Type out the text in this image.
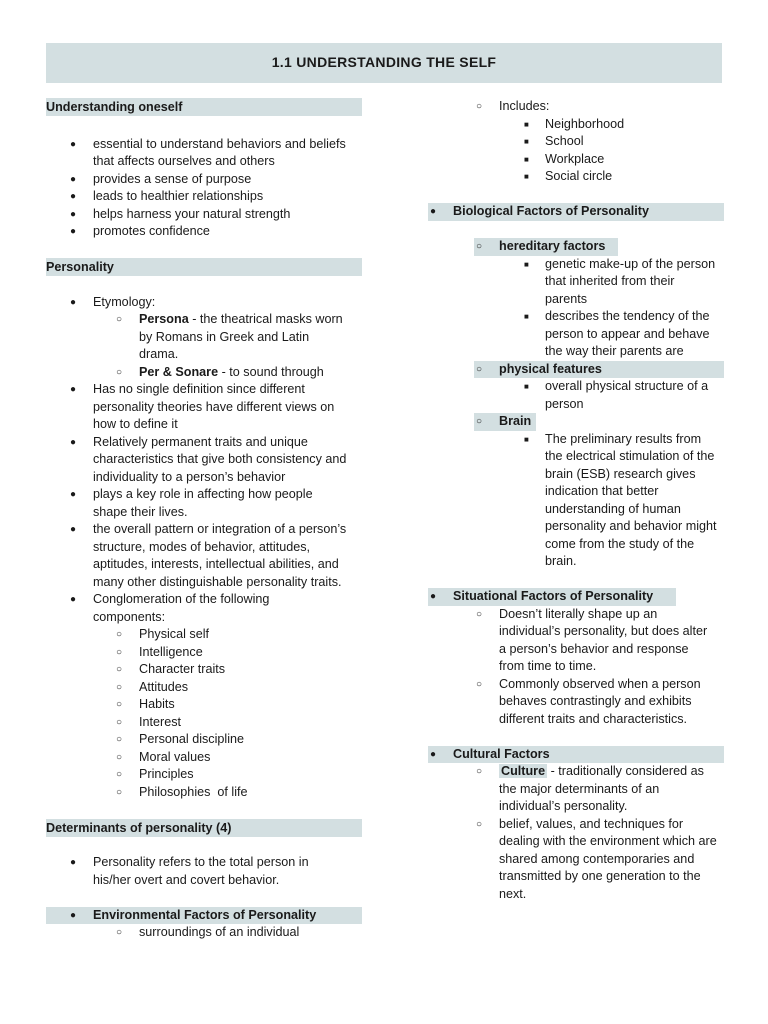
1.1 UNDERSTANDING THE SELF
Understanding oneself
● essential to understand behaviors and beliefs that affects ourselves and others
● provides a sense of purpose
● leads to healthier relationships
● helps harness your natural strength
● promotes confidence
Personality
● Etymology:
○ Persona - the theatrical masks worn by Romans in Greek and Latin drama.
○ Per & Sonare - to sound through
● Has no single definition since different personality theories have different views on how to define it
● Relatively permanent traits and unique characteristics that give both consistency and individuality to a person’s behavior
● plays a key role in affecting how people shape their lives.
● the overall pattern or integration of a person’s structure, modes of behavior, attitudes, aptitudes, interests, intellectual abilities, and many other distinguishable personality traits.
● Conglomeration of the following components:
○ Physical self
○ Intelligence
○ Character traits
○ Attitudes
○ Habits
○ Interest
○ Personal discipline
○ Moral values
○ Principles
○ Philosophies  of life
Determinants of personality (4)
● Personality refers to the total person in his/her overt and covert behavior.
● Environmental Factors of Personality
○ surroundings of an individual
○ Includes:
■ Neighborhood
■ School
■ Workplace
■ Social circle
● Biological Factors of Personality
○ hereditary factors
■ genetic make-up of the person that inherited from their parents
■ describes the tendency of the person to appear and behave the way their parents are
○ physical features
■ overall physical structure of a person
○ Brain
■ The preliminary results from the electrical stimulation of the brain (ESB) research gives indication that better understanding of human personality and behavior might come from the study of the brain.
● Situational Factors of Personality
○ Doesn’t literally shape up an individual’s personality, but does alter a person’s behavior and response from time to time.
○ Commonly observed when a person behaves contrastingly and exhibits different traits and characteristics.
● Cultural Factors
○ Culture - traditionally considered as the major determinants of an individual’s personality.
○ belief, values, and techniques for dealing with the environment which are shared among contemporaries and transmitted by one generation to the next.
